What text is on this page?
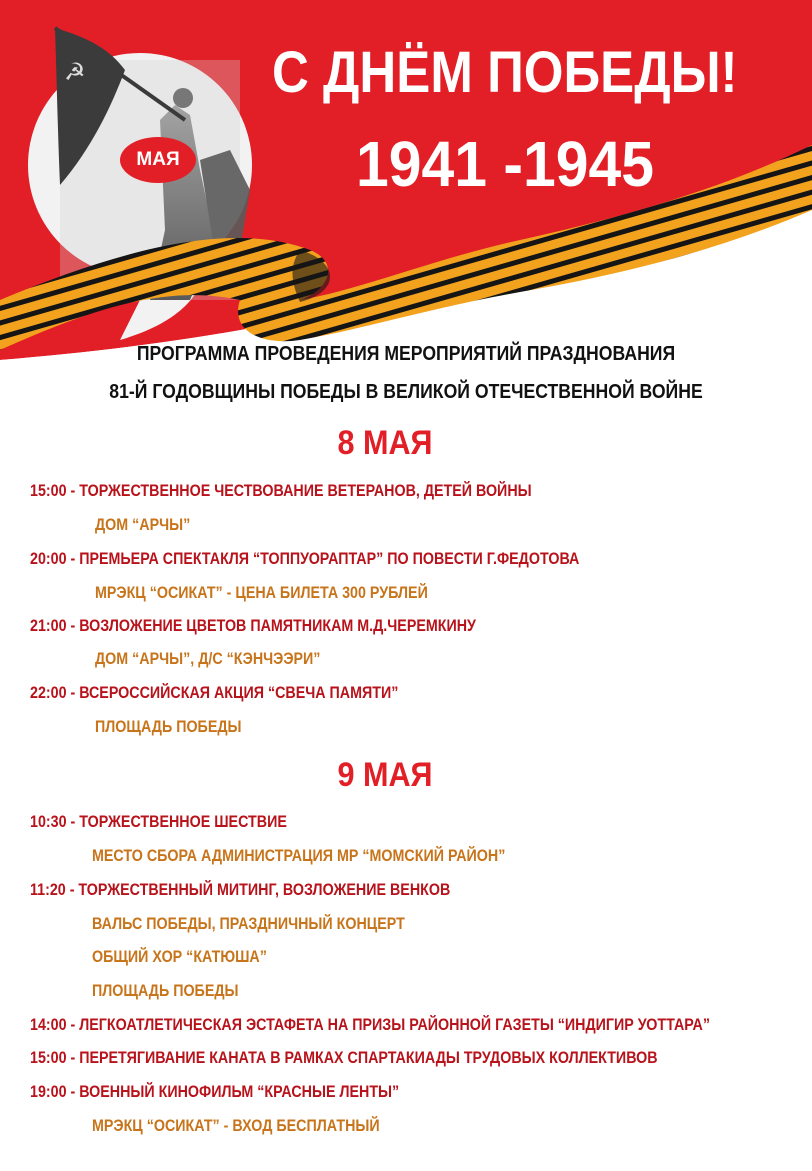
☭
МАЯ
С ДНЁМ ПОБЕДЫ!
1941 -1945
ПРОГРАММА ПРОВЕДЕНИЯ МЕРОПРИЯТИЙ ПРАЗДНОВАНИЯ
81-Й ГОДОВЩИНЫ ПОБЕДЫ В ВЕЛИКОЙ ОТЕЧЕСТВЕННОЙ ВОЙНЕ
8 МАЯ
15:00 - ТОРЖЕСТВЕННОЕ ЧЕСТВОВАНИЕ ВЕТЕРАНОВ, ДЕТЕЙ ВОЙНЫ
ДОМ “АРЧЫ”
20:00 - ПРЕМЬЕРА СПЕКТАКЛЯ “ТОППУОРАПТАР” ПО ПОВЕСТИ Г.ФЕДОТОВА
МРЭКЦ “ОСИКАТ” - ЦЕНА БИЛЕТА 300 РУБЛЕЙ
21:00 - ВОЗЛОЖЕНИЕ ЦВЕТОВ ПАМЯТНИКАМ М.Д.ЧЕРЕМКИНУ
ДОМ “АРЧЫ”, Д/С “КЭНЧЭЭРИ”
22:00 - ВСЕРОССИЙСКАЯ АКЦИЯ “СВЕЧА ПАМЯТИ”
ПЛОЩАДЬ ПОБЕДЫ
9 МАЯ
10:30 - ТОРЖЕСТВЕННОЕ ШЕСТВИЕ
МЕСТО СБОРА АДМИНИСТРАЦИЯ МР “МОМСКИЙ РАЙОН”
11:20 - ТОРЖЕСТВЕННЫЙ МИТИНГ, ВОЗЛОЖЕНИЕ ВЕНКОВ
ВАЛЬС ПОБЕДЫ, ПРАЗДНИЧНЫЙ КОНЦЕРТ
ОБЩИЙ ХОР “КАТЮША”
ПЛОЩАДЬ ПОБЕДЫ
14:00 - ЛЕГКОАТЛЕТИЧЕСКАЯ ЭСТАФЕТА НА ПРИЗЫ РАЙОННОЙ ГАЗЕТЫ “ИНДИГИР УОТТАРА”
15:00 - ПЕРЕТЯГИВАНИЕ КАНАТА В РАМКАХ СПАРТАКИАДЫ ТРУДОВЫХ КОЛЛЕКТИВОВ
19:00 - ВОЕННЫЙ КИНОФИЛЬМ “КРАСНЫЕ ЛЕНТЫ”
МРЭКЦ “ОСИКАТ” - ВХОД БЕСПЛАТНЫЙ
